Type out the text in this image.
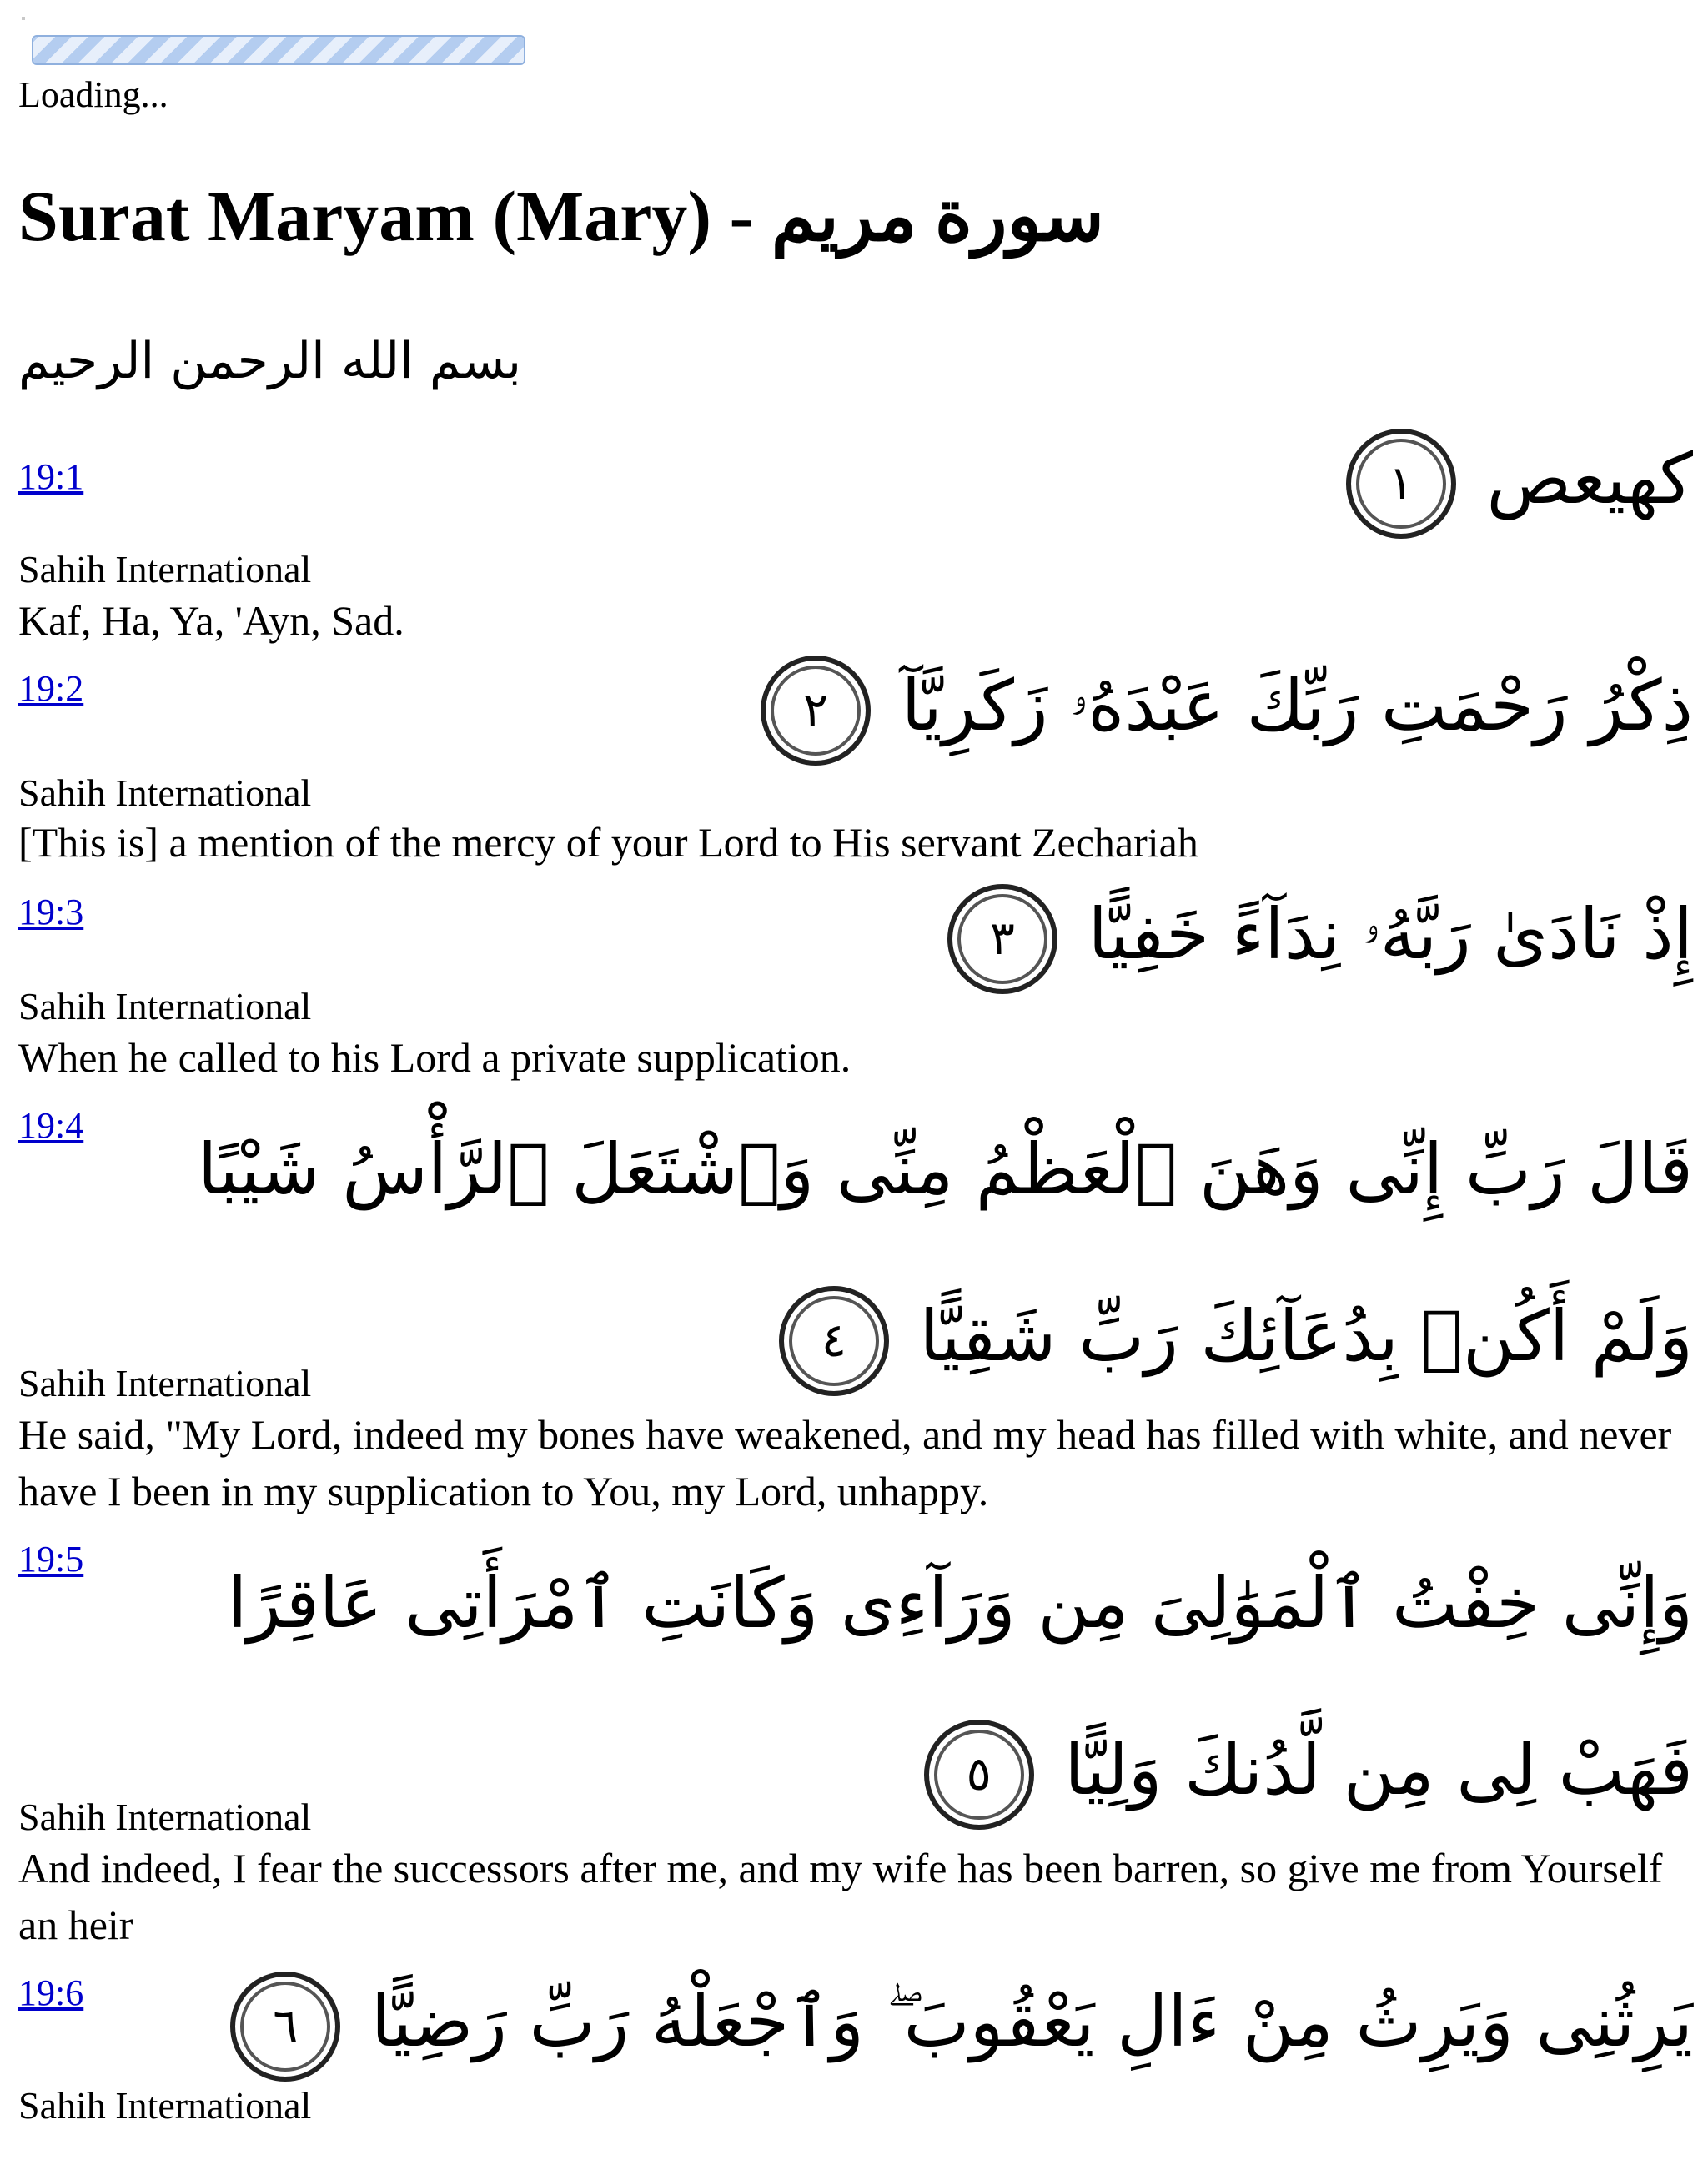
Loading...
Surat Maryam (Mary) - سورة مريم
بسم الله الرحمن الرحيم
19:1	كهيعص ١
Sahih International
Kaf, Ha, Ya, 'Ayn, Sad.
19:2	ذِكْرُ رَحْمَتِ رَبِّكَ عَبْدَهُۥ زَكَرِيَّآ ٢
Sahih International
[This is] a mention of the mercy of your Lord to His servant Zechariah
19:3	إِذْ نَادَىٰ رَبَّهُۥ نِدَآءً خَفِيًّا ٣
Sahih International
When he called to his Lord a private supplication.
19:4
قَالَ رَبِّ إِنِّى وَهَنَ ٱلْعَظْمُ مِنِّى وَٱشْتَعَلَ ٱلرَّأْسُ شَيْبًا وَلَمْ أَكُنۢ بِدُعَآئِكَ رَبِّ شَقِيًّا ٤
Sahih International
He said, "My Lord, indeed my bones have weakened, and my head has filled with white, and never have I been in my supplication to You, my Lord, unhappy.
19:5
وَإِنِّى خِفْتُ ٱلْمَوَٰلِىَ مِن وَرَآءِى وَكَانَتِ ٱمْرَأَتِى عَاقِرًا فَهَبْ لِى مِن لَّدُنكَ وَلِيًّا ٥
Sahih International
And indeed, I fear the successors after me, and my wife has been barren, so give me from Yourself an heir
19:6	يَرِثُنِى وَيَرِثُ مِنْ ءَالِ يَعْقُوبَ ۖ وَٱجْعَلْهُ رَبِّ رَضِيًّا ٦
Sahih International
